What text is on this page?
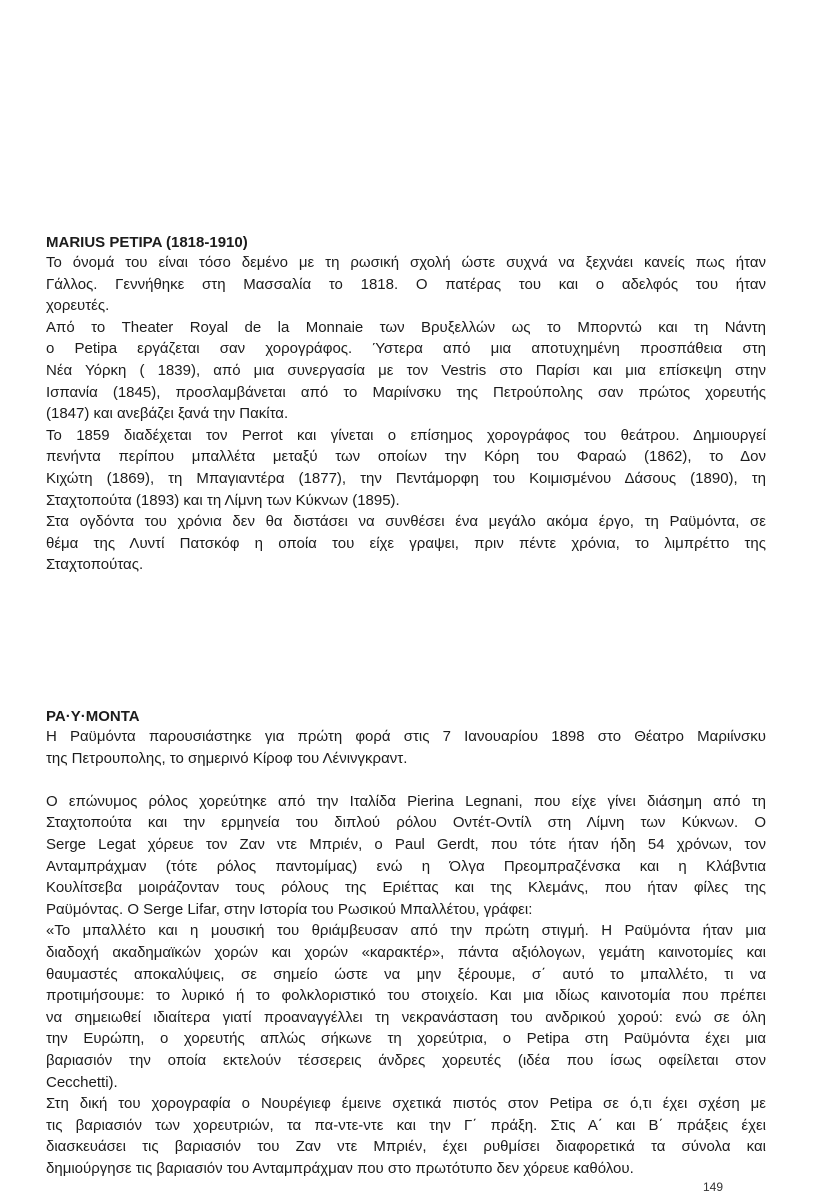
MARIUS PETIPA (1818-1910)
Το όνομά του είναι τόσο δεμένο με τη ρωσική σχολή ώστε συχνά να ξεχνάει κανείς πως ήταν
Γάλλος. Γεννήθηκε στη Μασσαλία το 1818. Ο πατέρας του και ο αδελφός του ήταν
χορευτές.
Από το Theater Royal de la Monnaie των Βρυξελλών ως το Μπορντώ και τη Νάντη
ο Petipa εργάζεται σαν χορογράφος. Ύστερα από μια αποτυχημένη προσπάθεια στη
Νέα Υόρκη ( 1839), από μια συνεργασία με τον Vestris στο Παρίσι και μια επίσκεψη στην
Ισπανία (1845), προσλαμβάνεται από το Μαριίνσκυ της Πετρούπολης σαν πρώτος χορευτής
(1847) και ανεβάζει ξανά την Πακίτα.
Το 1859 διαδέχεται τον Perrot και γίνεται ο επίσημος χορογράφος του θεάτρου. Δημιουργεί
πενήντα περίπου μπαλλέτα μεταξύ των οποίων την Κόρη του Φαραώ (1862), το Δον
Κιχώτη (1869), τη Μπαγιαντέρα (1877), την Πεντάμορφη του Κοιμισμένου Δάσους (1890), τη
Σταχτοπούτα (1893) και τη Λίμνη των Κύκνων (1895).
Στα ογδόντα του χρόνια δεν θα διστάσει να συνθέσει ένα μεγάλο ακόμα έργο, τη Ραϋμόντα, σε
θέμα της Λυντί Πατσκόφ η οποία του είχε γραψει, πριν πέντε χρόνια, το λιμπρέττο της
Σταχτοπούτας.
ΡΑ·Υ·ΜΟΝΤΑ
Η Ραϋμόντα παρουσιάστηκε για πρώτη φορά στις 7 Ιανουαρίου 1898 στο Θέατρο Μαριίνσκυ
της Πετρουπολης, το σημερινό Κίροφ του Λένινγκραντ.
Ο επώνυμος ρόλος χορεύτηκε από την Ιταλίδα Pierina Legnani, που είχε γίνει διάσημη από τη
Σταχτοπούτα και την ερμηνεία του διπλού ρόλου Οντέτ-Οντίλ στη Λίμνη των Κύκνων. Ο
Serge Legat χόρευε τον Ζαν ντε Μπριέν, ο Paul Gerdt, που τότε ήταν ήδη 54 χρόνων, τον
Ανταμπράχμαν (τότε ρόλος παντομίμας) ενώ η Όλγα Πρεομπραζένσκα και η Κλάβντια
Κουλίτσεβα μοιράζονταν τους ρόλους της Εριέττας και της Κλεμάνς, που ήταν φίλες της
Ραϋμόντας. Ο Serge Lifar, στην Ιστορία του Ρωσικού Μπαλλέτου, γράφει:
«Το μπαλλέτο και η μουσική του θριάμβευσαν από την πρώτη στιγμή. Η Ραϋμόντα ήταν μια
διαδοχή ακαδημαϊκών χορών και χορών «καρακτέρ», πάντα αξιόλογων, γεμάτη καινοτομίες και
θαυμαστές αποκαλύψεις, σε σημείο ώστε να μην ξέρουμε, σ΄ αυτό το μπαλλέτο, τι να
προτιμήσουμε: το λυρικό ή το φολκλοριστικό του στοιχείο. Και μια ιδίως καινοτομία που πρέπει
να σημειωθεί ιδιαίτερα γιατί προαναγγέλλει τη νεκρανάσταση του ανδρικού χορού: ενώ σε όλη
την Ευρώπη, ο χορευτής απλώς σήκωνε τη χορεύτρια, ο Petipa στη Ραϋμόντα έχει μια
βαριασιόν την οποία εκτελούν τέσσερεις άνδρες χορευτές (ιδέα που ίσως οφείλεται στον
Cecchetti).
Στη δική του χορογραφία ο Νουρέγιεφ έμεινε σχετικά πιστός στον Petipa σε ό,τι έχει σχέση με
τις βαριασιόν των χορευτριών, τα πα-ντε-ντε και την Γ΄ πράξη. Στις Α΄ και Β΄ πράξεις έχει
διασκευάσει τις βαριασιόν του Ζαν ντε Μπριέν, έχει ρυθμίσει διαφορετικά τα σύνολα και
δημιούργησε τις βαριασιόν του Ανταμπράχμαν που στο πρωτότυπο δεν χόρευε καθόλου.
149
